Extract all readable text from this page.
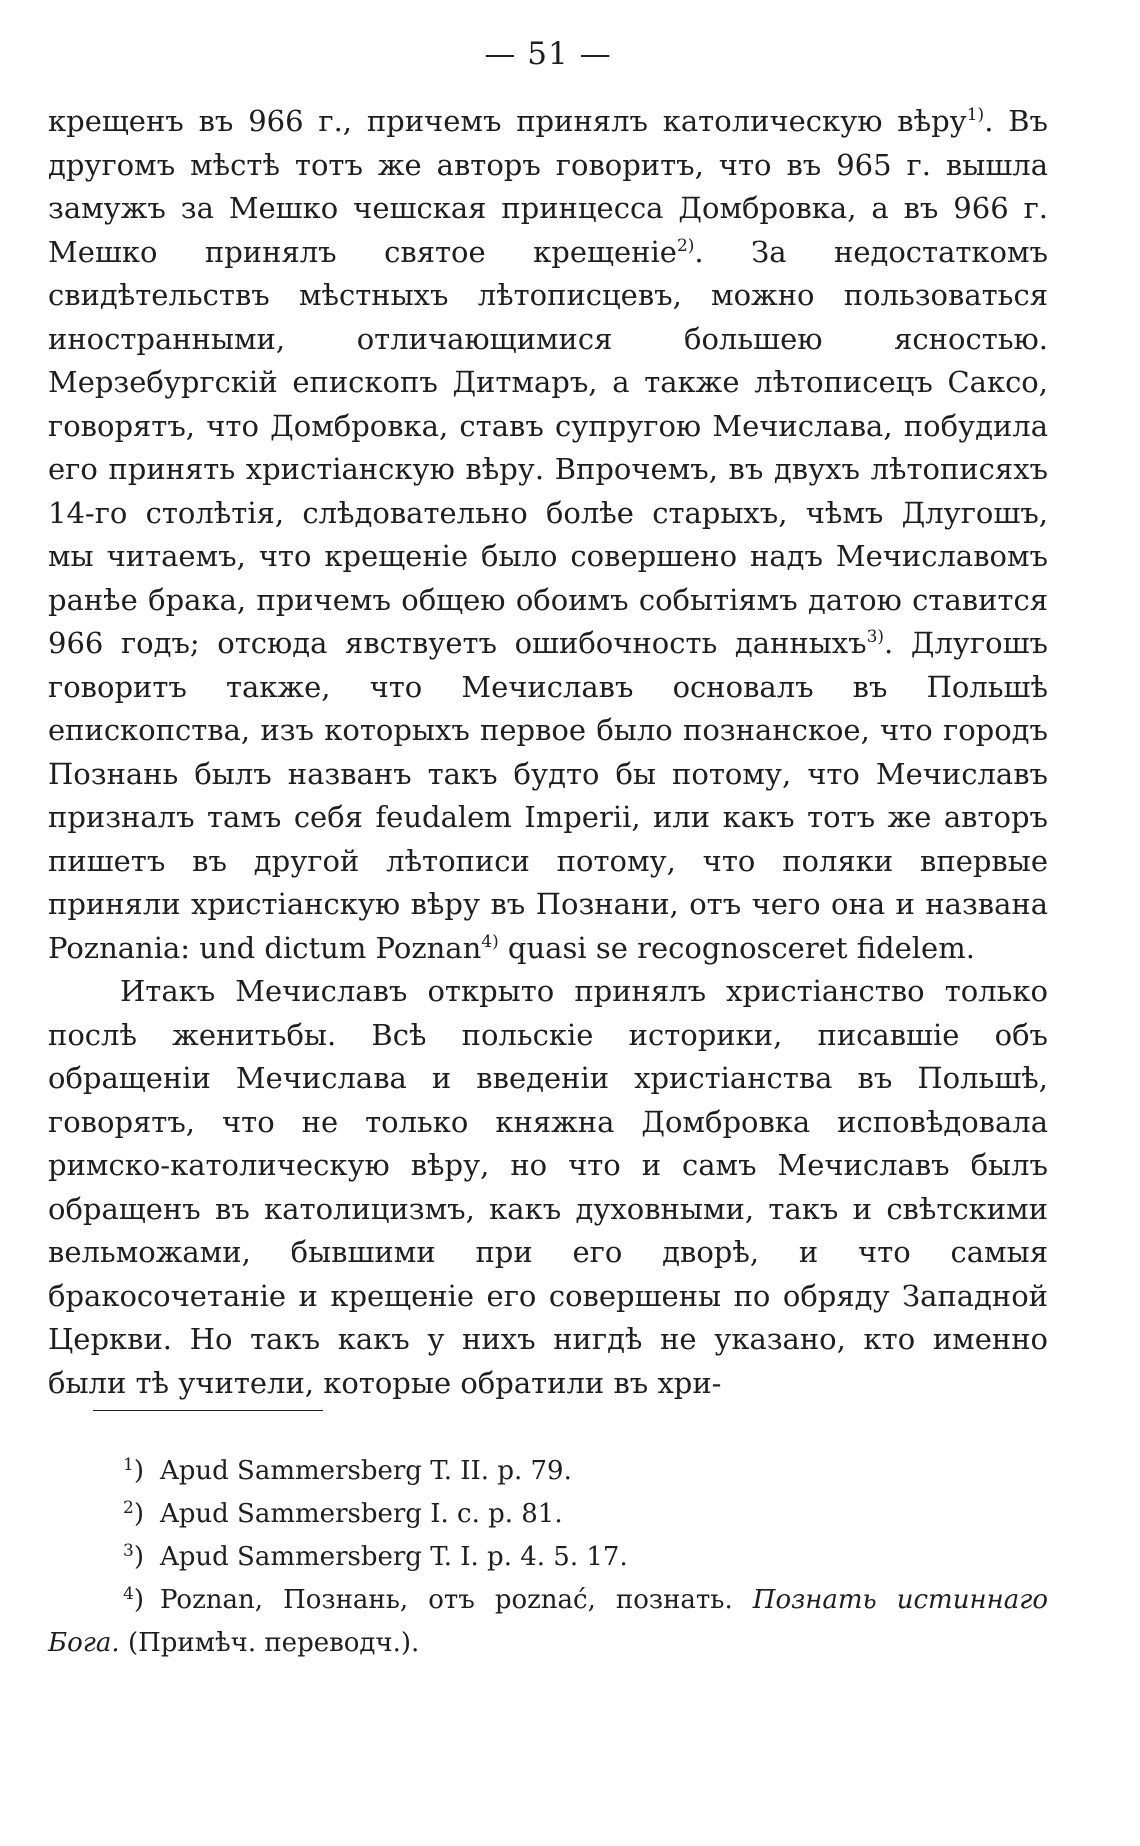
— 51 —

крещенъ въ 966 г., причемъ принялъ католическую вѣру$^{1)}$. Въ другомъ мѣстѣ тотъ же авторъ говоритъ, что въ 965 г. вышла замужъ за Мешко чешская принцесса Домбровка, а въ 966 г. Мешко принялъ святое крещеніе$^{2)}$. За недостаткомъ свидѣтельствъ мѣстныхъ лѣтописцевъ, можно пользоваться иностранными, отличающимися большею ясностью. Мерзебургскій епископъ Дитмаръ, а также лѣтописецъ Саксо, говорятъ, что Домбровка, ставъ супругою Мечислава, побудила его принять христіанскую вѣру. Впрочемъ, въ двухъ лѣтописяхъ 14-го столѣтія, слѣдовательно болѣе старыхъ, чѣмъ Длугошъ, мы читаемъ, что крещеніе было совершено надъ Мечиславомъ ранѣе брака, причемъ общею обоимъ событіямъ датою ставится 966 годъ; отсюда явствуетъ ошибочность данныхъ$^{3)}$. Длугошъ говоритъ также, что Мечиславъ основалъ въ Польшѣ епископства, изъ которыхъ первое было познанское, что городъ Познань былъ названъ такъ будто бы потому, что Мечиславъ призналъ тамъ себя feudalem Imperii, или какъ тотъ же авторъ пишетъ въ другой лѣтописи потому, что поляки впервые приняли христіанскую вѣру въ Познани, отъ чего она и названа Poznania: und dictum Poznan$^{4)}$ quasi se recognosceret fidelem.

Итакъ Мечиславъ открыто принялъ христіанство только послѣ женитьбы. Всѣ польскіе историки, писавшіе объ обращеніи Мечислава и введеніи христіанства въ Польшѣ, говорятъ, что не только княжна Домбровка исповѣдовала римско-католическую вѣру, но что и самъ Мечиславъ былъ обращенъ въ католицизмъ, какъ духовными, такъ и свѣтскими вельможами, бывшими при его дворѣ, и что самыя бракосочетаніе и крещеніе его совершены по обряду Западной Церкви. Но такъ какъ у нихъ нигдѣ не указано, кто именно были тѣ учители, которые обратили въ хри-

$^1$) Apud Sammersberg T. II. p. 79.

$^2$) Apud Sammersberg I. c. p. 81.

$^3$) Apud Sammersberg T. I. p. 4. 5. 17.

$^4$) Poznan, Познань, отъ poznać, познать. Познать истиннаго Бога. (Примѣч. переводч.).
